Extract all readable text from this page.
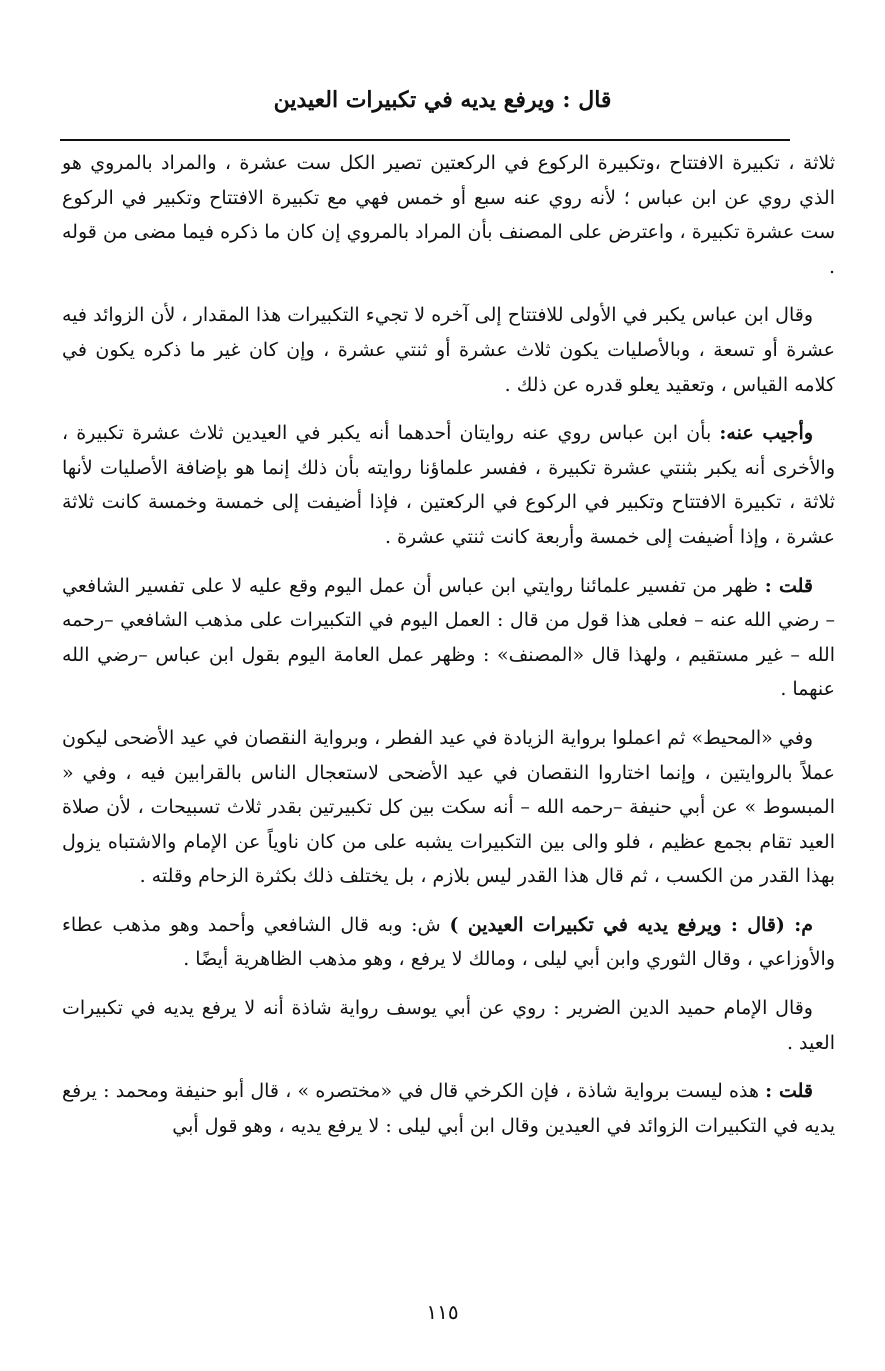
قال : ويرفع يديه في تكبيرات العيدين

ثلاثة ، تكبيرة الافتتاح ،وتكبيرة الركوع في الركعتين تصير الكل ست عشرة ، والمراد بالمروي هو الذي روي عن ابن عباس ؛ لأنه روي عنه سبع أو خمس فهي مع تكبيرة الافتتاح وتكبير في الركوع ست عشرة تكبيرة ، واعترض على المصنف بأن المراد بالمروي إن كان ما ذكره فيما مضى من قوله .

وقال ابن عباس يكبر في الأولى للافتتاح إلى آخره لا تجيء التكبيرات هذا المقدار ، لأن الزوائد فيه عشرة أو تسعة ، وبالأصليات يكون ثلاث عشرة أو ثنتي عشرة ، وإن كان غير ما ذكره يكون في كلامه القياس ، وتعقيد يعلو قدره عن ذلك .

وأجيب عنه: بأن ابن عباس روي عنه روايتان أحدهما أنه يكبر في العيدين ثلاث عشرة تكبيرة ، والأخرى أنه يكبر بثنتي عشرة تكبيرة ، ففسر علماؤنا روايته بأن ذلك إنما هو بإضافة الأصليات لأنها ثلاثة ، تكبيرة الافتتاح وتكبير في الركوع في الركعتين ، فإذا أضيفت إلى خمسة وخمسة كانت ثلاثة عشرة ، وإذا أضيفت إلى خمسة وأربعة كانت ثنتي عشرة .

قلت : ظهر من تفسير علمائنا روايتي ابن عباس أن عمل اليوم وقع عليه لا على تفسير الشافعي – رضي الله عنه – فعلى هذا قول من قال : العمل اليوم في التكبيرات على مذهب الشافعي –رحمه الله – غير مستقيم ، ولهذا قال «المصنف» : وظهر عمل العامة اليوم بقول ابن عباس –رضي الله عنهما .

وفي «المحيط» ثم اعملوا برواية الزيادة في عيد الفطر ، وبرواية النقصان في عيد الأضحى ليكون عملاً بالروايتين ، وإنما اختاروا النقصان في عيد الأضحى لاستعجال الناس بالقرابين فيه ، وفي « المبسوط » عن أبي حنيفة –رحمه الله – أنه سكت بين كل تكبيرتين بقدر ثلاث تسبيحات ، لأن صلاة العيد تقام بجمع عظيم ، فلو والى بين التكبيرات يشبه على من كان ناوياً عن الإمام والاشتباه يزول بهذا القدر من الكسب ، ثم قال هذا القدر ليس بلازم ، بل يختلف ذلك بكثرة الزحام وقلته .

م: (قال : ويرفع يديه في تكبيرات العيدين ) ش: وبه قال الشافعي وأحمد وهو مذهب عطاء والأوزاعي ، وقال الثوري وابن أبي ليلى ، ومالك لا يرفع ، وهو مذهب الظاهرية أيضًا .

وقال الإمام حميد الدين الضرير : روي عن أبي يوسف رواية شاذة أنه لا يرفع يديه في تكبيرات العيد .

قلت : هذه ليست برواية شاذة ، فإن الكرخي قال في «مختصره » ، قال أبو حنيفة ومحمد : يرفع يديه في التكبيرات الزوائد في العيدين وقال ابن أبي ليلى : لا يرفع يديه ، وهو قول أبي

١١٥
